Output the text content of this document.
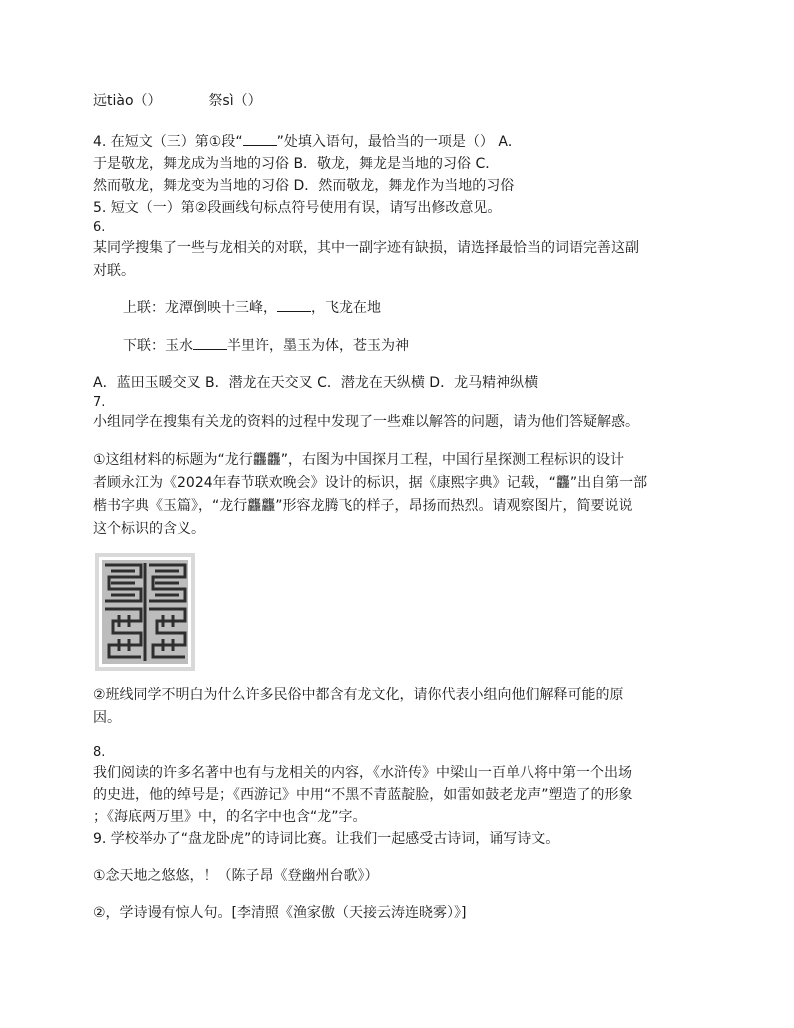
远tiào（）	祭sì（）
4. 在短文（三）第①段“ ”处填入语句，最恰当的一项是（） A．
于是敬龙，舞龙成为当地的习俗 B．敬龙，舞龙是当地的习俗 C．
然而敬龙，舞龙变为当地的习俗 D．然而敬龙，舞龙作为当地的习俗
5. 短文（一）第②段画线句标点符号使用有误，请写出修改意见。
6.
某同学搜集了一些与龙相关的对联，其中一副字迹有缺损，请选择最恰当的词语完善这副
对联。
上联：龙潭倒映十三峰， ，飞龙在地
下联：玉水 半里许，墨玉为体，苍玉为神
A．蓝田玉暖交叉 B．潜龙在天交叉 C．潜龙在天纵横 D．龙马精神纵横
7.
小组同学在搜集有关龙的资料的过程中发现了一些难以解答的问题，请为他们答疑解惑。
①这组材料的标题为“龙行龘龘”，右图为中国探月工程，中国行星探测工程标识的设计
者顾永江为《2024年春节联欢晚会》设计的标识，据《康熙字典》记载，“龘”出自第一部
楷书字典《玉篇》，“龙行龘龘”形容龙腾飞的样子，昂扬而热烈。请观察图片，简要说说
这个标识的含义。
②班线同学不明白为什么许多民俗中都含有龙文化，请你代表小组向他们解释可能的原
因。
8.
我们阅读的许多名著中也有与龙相关的内容，《水浒传》中梁山一百单八将中第一个出场
的史进，他的绰号是；《西游记》中用“不黑不青蓝靛脸，如雷如鼓老龙声”塑造了的形象
；《海底两万里》中，的名字中也含“龙”字。
9. 学校举办了“盘龙卧虎”的诗词比赛。让我们一起感受古诗词，诵写诗文。
①念天地之悠悠，！（陈子昂《登幽州台歌》）
②，学诗谩有惊人句。[李清照《渔家傲（天接云涛连晓雾）》]
